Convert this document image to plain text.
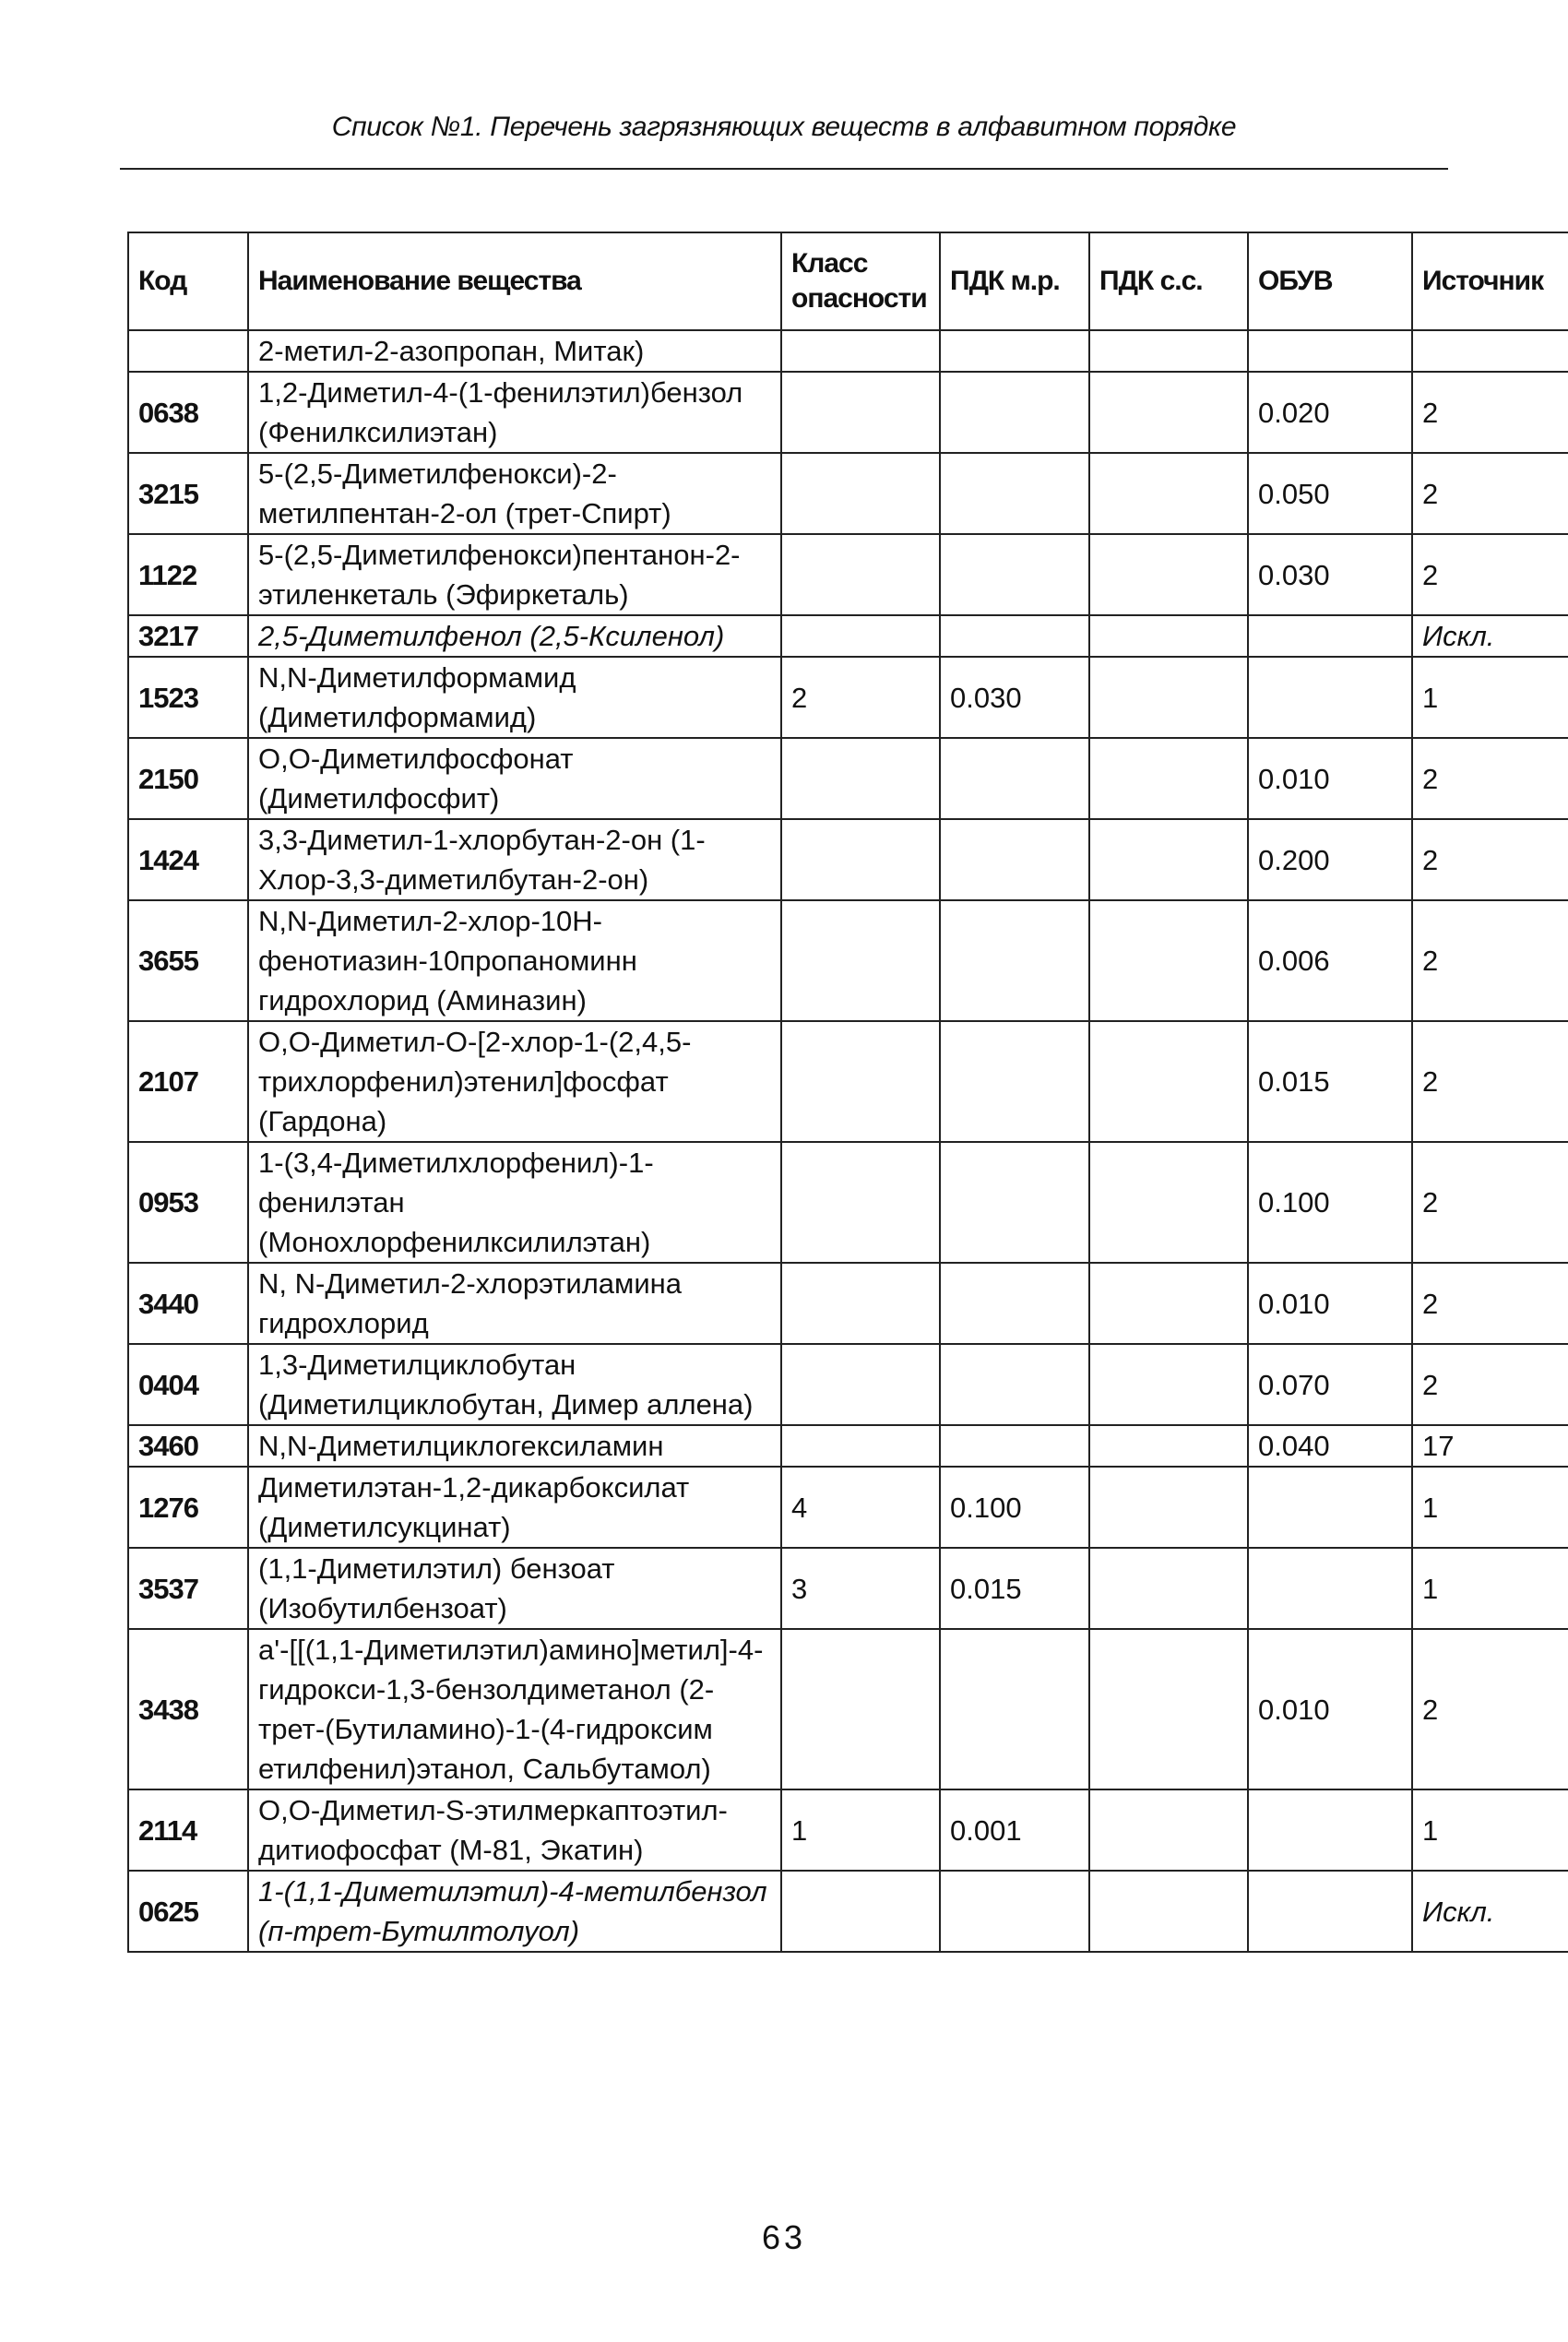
Список №1. Перечень загрязняющих веществ в алфавитном порядке
Код	Наименование вещества	Класс опасности	ПДК м.р.	ПДК с.с.	ОБУВ	Источник
	2-метил-2-азопропан, Митак)					
0638	1,2-Диметил-4-(1-фенилэтил)бензол (Фенилксилиэтан)				0.020	2
3215	5-(2,5-Диметилфенокси)-2-метилпентан-2-ол (трет-Спирт)				0.050	2
1122	5-(2,5-Диметилфенокси)пентанон-2-этиленкеталь (Эфиркеталь)				0.030	2
3217	2,5-Диметилфенол (2,5-Ксиленол)					Искл.
1523	N,N-Диметилформамид (Диметилформамид)	2	0.030			1
2150	O,O-Диметилфосфонат (Диметилфосфит)				0.010	2
1424	3,3-Диметил-1-хлорбутан-2-он (1-Хлор-3,3-диметилбутан-2-он)				0.200	2
3655	N,N-Диметил-2-хлор-10Н-фенотиазин-10пропаноминн гидрохлорид (Аминазин)				0.006	2
2107	O,O-Диметил-O-[2-хлор-1-(2,4,5-трихлорфенил)этенил]фосфат (Гардона)				0.015	2
0953	1-(3,4-Диметилхлорфенил)-1-фенилэтан (Монохлорфенилксилилэтан)				0.100	2
3440	N, N-Диметил-2-хлорэтиламина гидрохлорид				0.010	2
0404	1,3-Диметилциклобутан (Диметилциклобутан, Димер аллена)				0.070	2
3460	N,N-Диметилциклогексиламин				0.040	17
1276	Диметилэтан-1,2-дикарбоксилат (Диметилсукцинат)	4	0.100			1
3537	(1,1-Диметилэтил) бензоат (Изобутилбензоат)	3	0.015			1
3438	a'-[[(1,1-Диметилэтил)амино]метил]-4-гидрокси-1,3-бензолдиметанол (2-трет-(Бутиламино)-1-(4-гидроксим етилфенил)этанол, Сальбутамол)				0.010	2
2114	O,O-Диметил-S-этилмеркаптоэтил-дитиофосфат (М-81, Экатин)	1	0.001			1
0625	1-(1,1-Диметилэтил)-4-метилбензол (п-трет-Бутилтолуол)					Искл.
63
